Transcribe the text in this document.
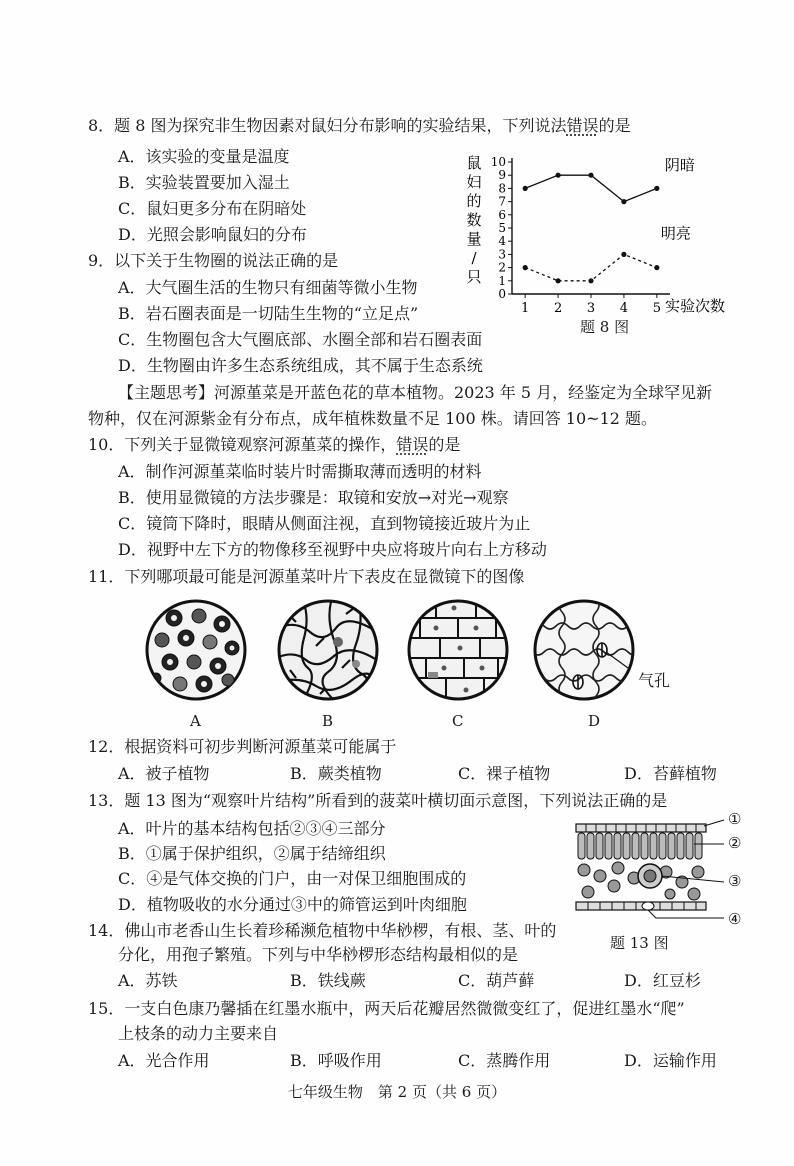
8．题 8 图为探究非生物因素对鼠妇分布影响的实验结果，下列说法错误的是
A．该实验的变量是温度
B．实验装置要加入湿土
C．鼠妇更多分布在阴暗处
D．光照会影响鼠妇的分布
鼠
妇
的
数
量
/
只
0
1
2
3
4
5
6
7
8
9
10
1 2 3 4 5
阴暗
明亮
实验次数
题 8 图
9．以下关于生物圈的说法正确的是
A．大气圈生活的生物只有细菌等微小生物
B．岩石圈表面是一切陆生生物的“立足点”
C．生物圈包含大气圈底部、水圈全部和岩石圈表面
D．生物圈由许多生态系统组成，其不属于生态系统
【主题思考】河源堇菜是开蓝色花的草本植物。2023 年 5 月，经鉴定为全球罕见新
物种，仅在河源紫金有分布点，成年植株数量不足 100 株。请回答 10~12 题。
10．下列关于显微镜观察河源堇菜的操作，错误的是
A．制作河源堇菜临时装片时需撕取薄而透明的材料
B．使用显微镜的方法步骤是：取镜和安放→对光→观察
C．镜筒下降时，眼睛从侧面注视，直到物镜接近玻片为止
D．视野中左下方的物像移至视野中央应将玻片向右上方移动
11．下列哪项最可能是河源堇菜叶片下表皮在显微镜下的图像
A	B	C
气孔
D
12．根据资料可初步判断河源堇菜可能属于
A．被子植物	B．蕨类植物	C．裸子植物	D．苔藓植物
13．题 13 图为“观察叶片结构”所看到的菠菜叶横切面示意图，下列说法正确的是
A．叶片的基本结构包括②③④三部分
B．①属于保护组织，②属于结缔组织
C．④是气体交换的门户，由一对保卫细胞围成的
D．植物吸收的水分通过③中的筛管运到叶肉细胞
①
②
③
④
题 13 图
14．佛山市老香山生长着珍稀濒危植物中华桫椤，有根、茎、叶的
分化，用孢子繁殖。下列与中华桫椤形态结构最相似的是
A．苏铁	B．铁线蕨	C．葫芦藓	D．红豆杉
15．一支白色康乃馨插在红墨水瓶中，两天后花瓣居然微微变红了，促进红墨水“爬”
上枝条的动力主要来自
A．光合作用	B．呼吸作用	C．蒸腾作用	D．运输作用
七年级生物　第 2 页（共 6 页）
